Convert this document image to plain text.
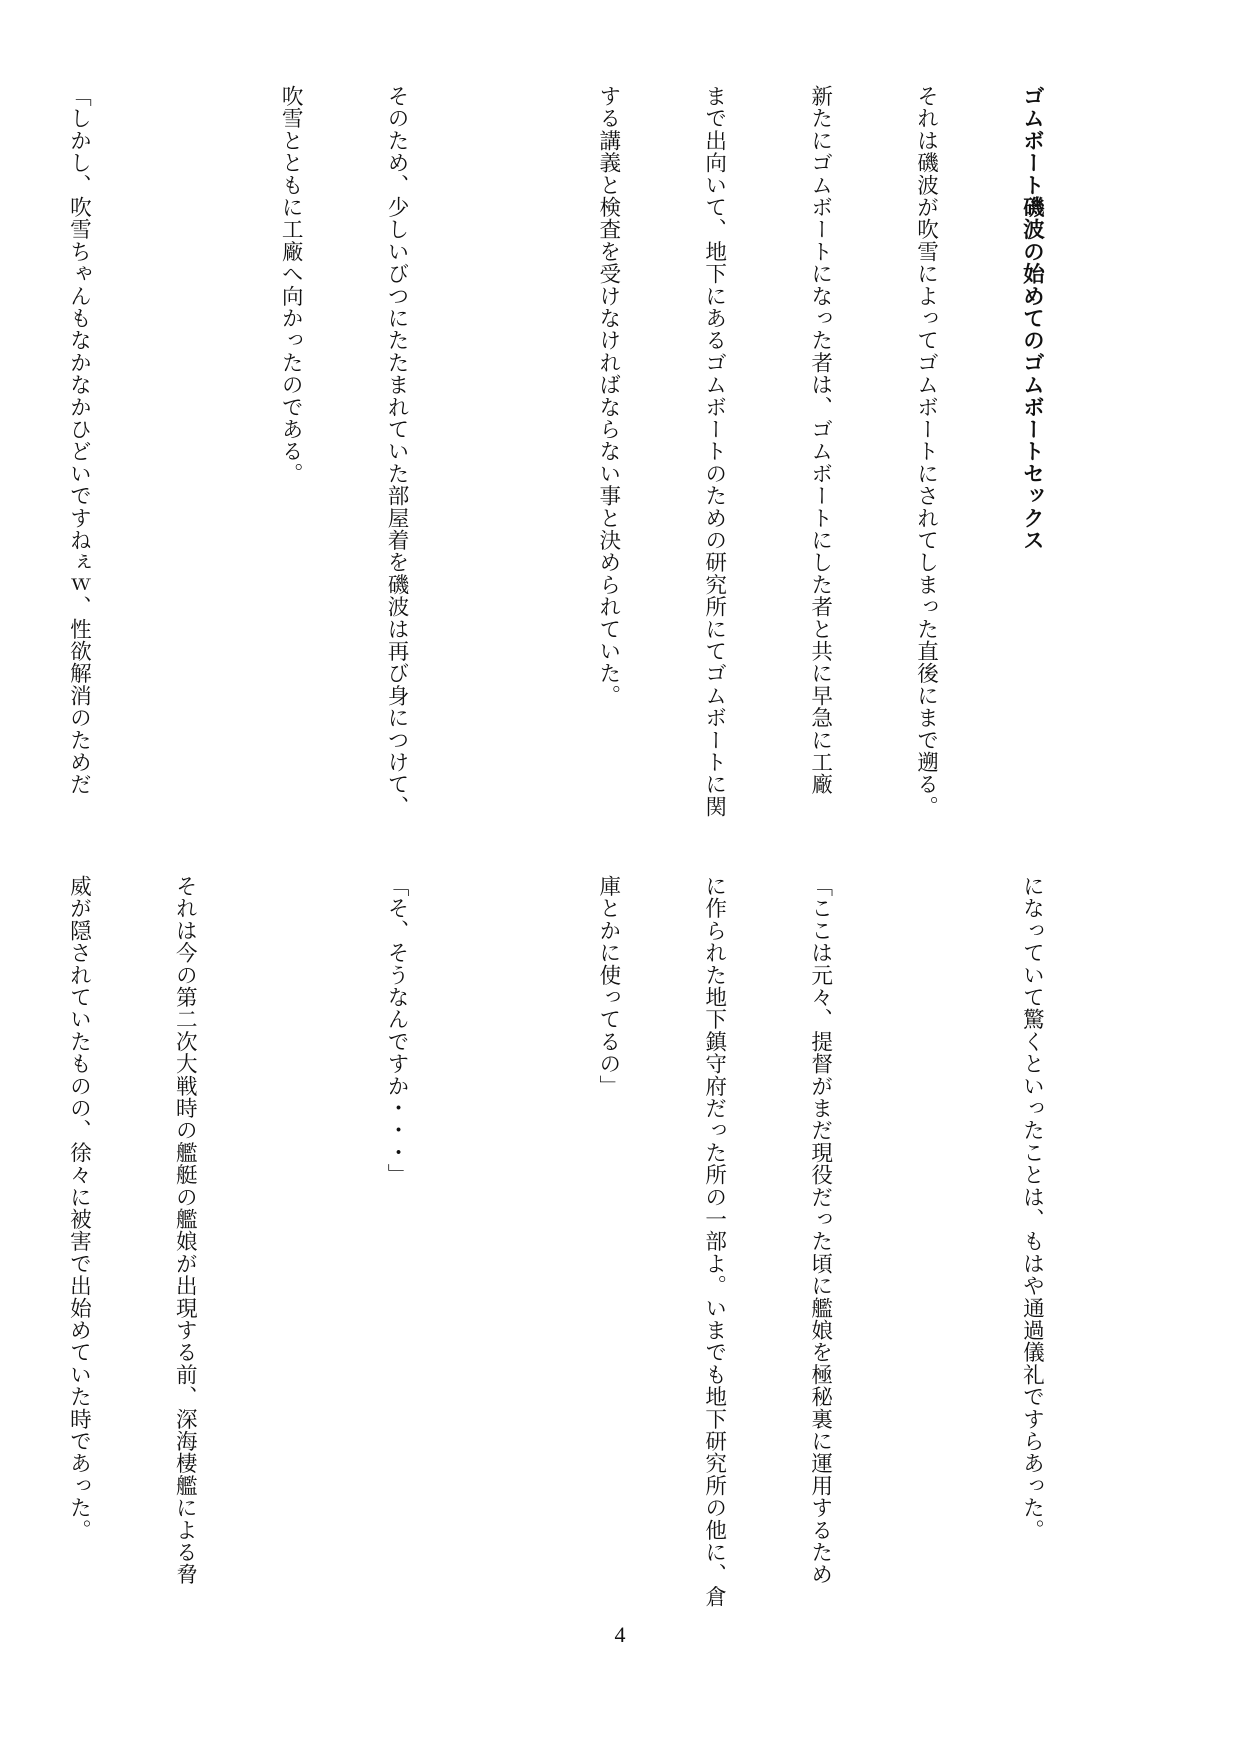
ゴムボート磯波の始めてのゴムボートセックス

それは磯波が吹雪によってゴムボートにされてしまった直後にまで遡る。

新たにゴムボートになった者は、ゴムボートにした者と共に早急に工廠

まで出向いて、地下にあるゴムボートのための研究所にてゴムボートに関

する講義と検査を受けなければならない事と決められていた。

そのため、少しいびつにたたまれていた部屋着を磯波は再び身につけて、

吹雪とともに工廠へ向かったのである。

「しかし、吹雪ちゃんもなかなかひどいですねぇｗ、性欲解消のためだ

になっていて驚くといったことは、もはや通過儀礼ですらあった。

「ここは元々、提督がまだ現役だった頃に艦娘を極秘裏に運用するため

に作られた地下鎮守府だった所の一部よ。いまでも地下研究所の他に、倉

庫とかに使ってるの」

「そ、そうなんですか・・・」

それは今の第二次大戦時の艦艇の艦娘が出現する前、深海棲艦による脅

威が隠されていたものの、徐々に被害で出始めていた時であった。

4
